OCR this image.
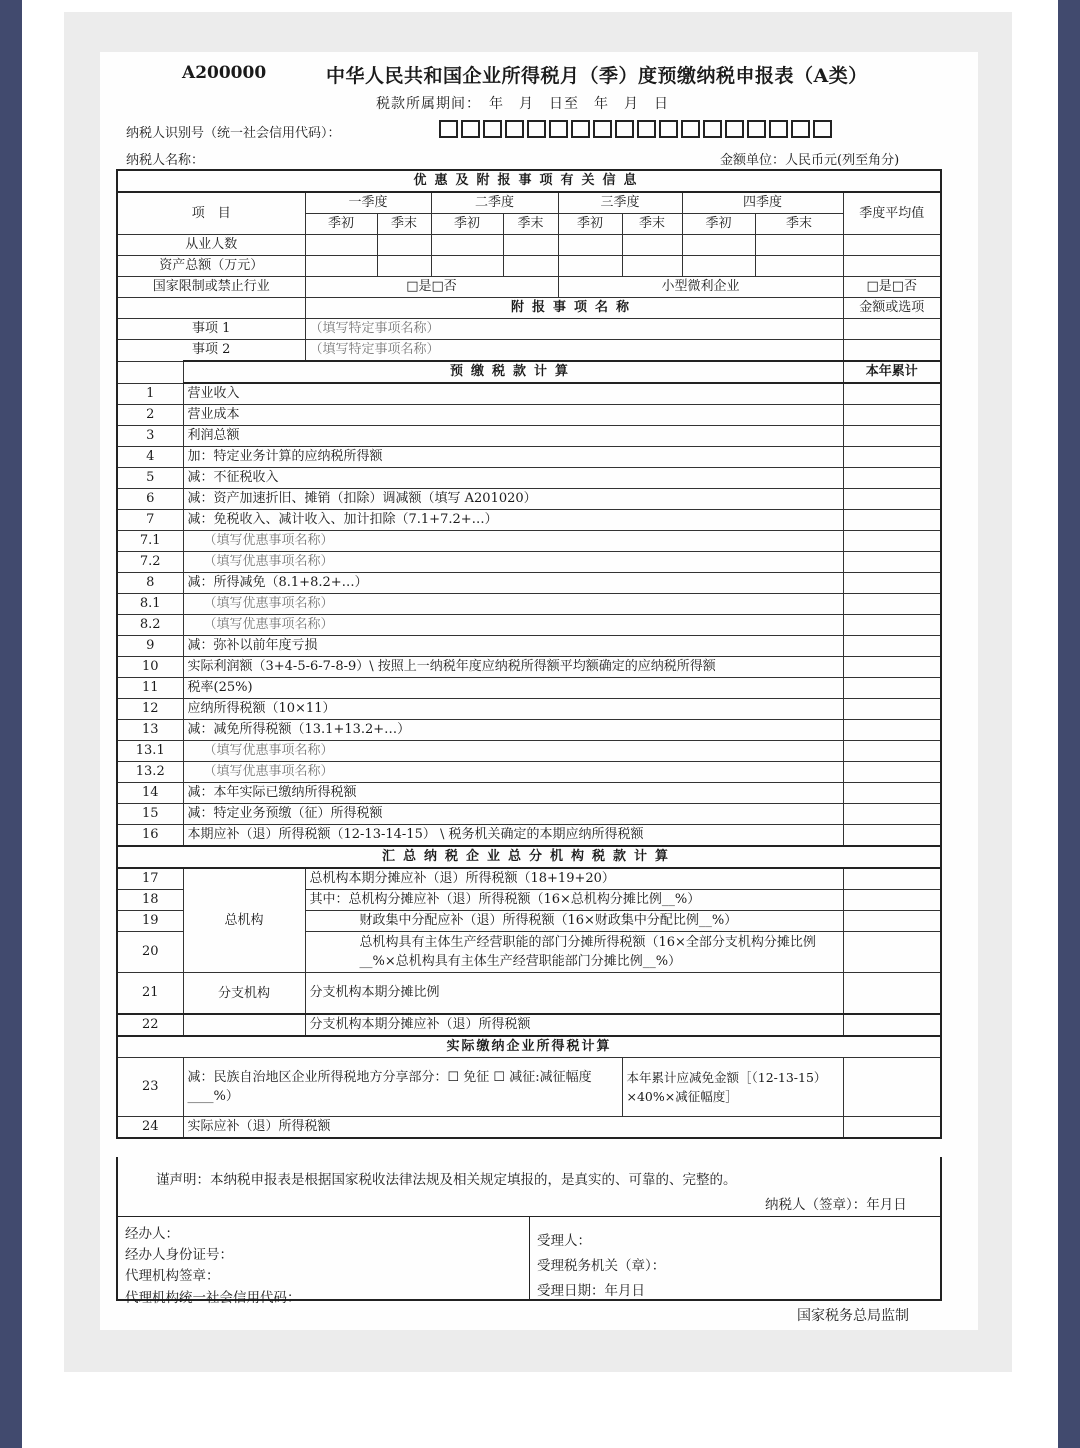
A200000	中华人民共和国企业所得税月（季）度预缴纳税申报表（A类）
税款所属期间：　年　月　日至　年　月　日
纳税人识别号（统一社会信用代码）：
纳税人名称：	金额单位：人民币元(列至角分)
优惠及附报事项有关信息										
项　目		一季度		二季度		三季度		四季度		季度平均值
		季初	季末	季初	季末	季初	季末	季初	季末	
从业人数										
资产总额（万元）										
国家限制或禁止行业		□是□否				小型微利企业				□是□否
		附报事项名称								金额或选项
事项 1		（填写特定事项名称）								
事项 2		（填写特定事项名称）								
	预缴税款计算									本年累计
1	营业收入									
2	营业成本									
3	利润总额									
4	加：特定业务计算的应纳税所得额									
5	减：不征税收入									
6	减：资产加速折旧、摊销（扣除）调减额（填写 A201020）									
7	减：免税收入、减计收入、加计扣除（7.1+7.2+…）									
7.1	（填写优惠事项名称）									
7.2	（填写优惠事项名称）									
8	减：所得减免（8.1+8.2+…）									
8.1	（填写优惠事项名称）									
8.2	（填写优惠事项名称）									
9	减：弥补以前年度亏损									
10	实际利润额（3+4-5-6-7-8-9）\ 按照上一纳税年度应纳税所得额平均额确定的应纳税所得额									
11	税率(25%)									
12	应纳所得税额（10×11）									
13	减：减免所得税额（13.1+13.2+…）									
13.1	（填写优惠事项名称）									
13.2	（填写优惠事项名称）									
14	减：本年实际已缴纳所得税额									
15	减：特定业务预缴（征）所得税额									
16	本期应补（退）所得税额（12-13-14-15） \ 税务机关确定的本期应纳所得税额									
汇总纳税企业总分机构税款计算										
17	总机构	总机构本期分摊应补（退）所得税额（18+19+20）								
18		其中：总机构分摊应补（退）所得税额（16×总机构分摊比例__%）								
19		财政集中分配应补（退）所得税额（16×财政集中分配比例__%）								
20		总机构具有主体生产经营职能的部门分摊所得税额（16×全部分支机构分摊比例__%×总机构具有主体生产经营职能部门分摊比例__%）								
21	分支机构	分支机构本期分摊比例								
22		分支机构本期分摊应补（退）所得税额								
实际缴纳企业所得税计算										
23	减：民族自治地区企业所得税地方分享部分：☐ 免征 ☐ 减征:减征幅度____%）						本年累计应减免金额［（12-13-15）×40%×减征幅度］			
24	实际应补（退）所得税额									
谨声明：本纳税申报表是根据国家税收法律法规及相关规定填报的，是真实的、可靠的、完整的。
纳税人（签章）：年月日
经办人：
经办人身份证号：
代理机构签章：
代理机构统一社会信用代码：
受理人：
受理税务机关（章）：
受理日期：年月日
国家税务总局监制
